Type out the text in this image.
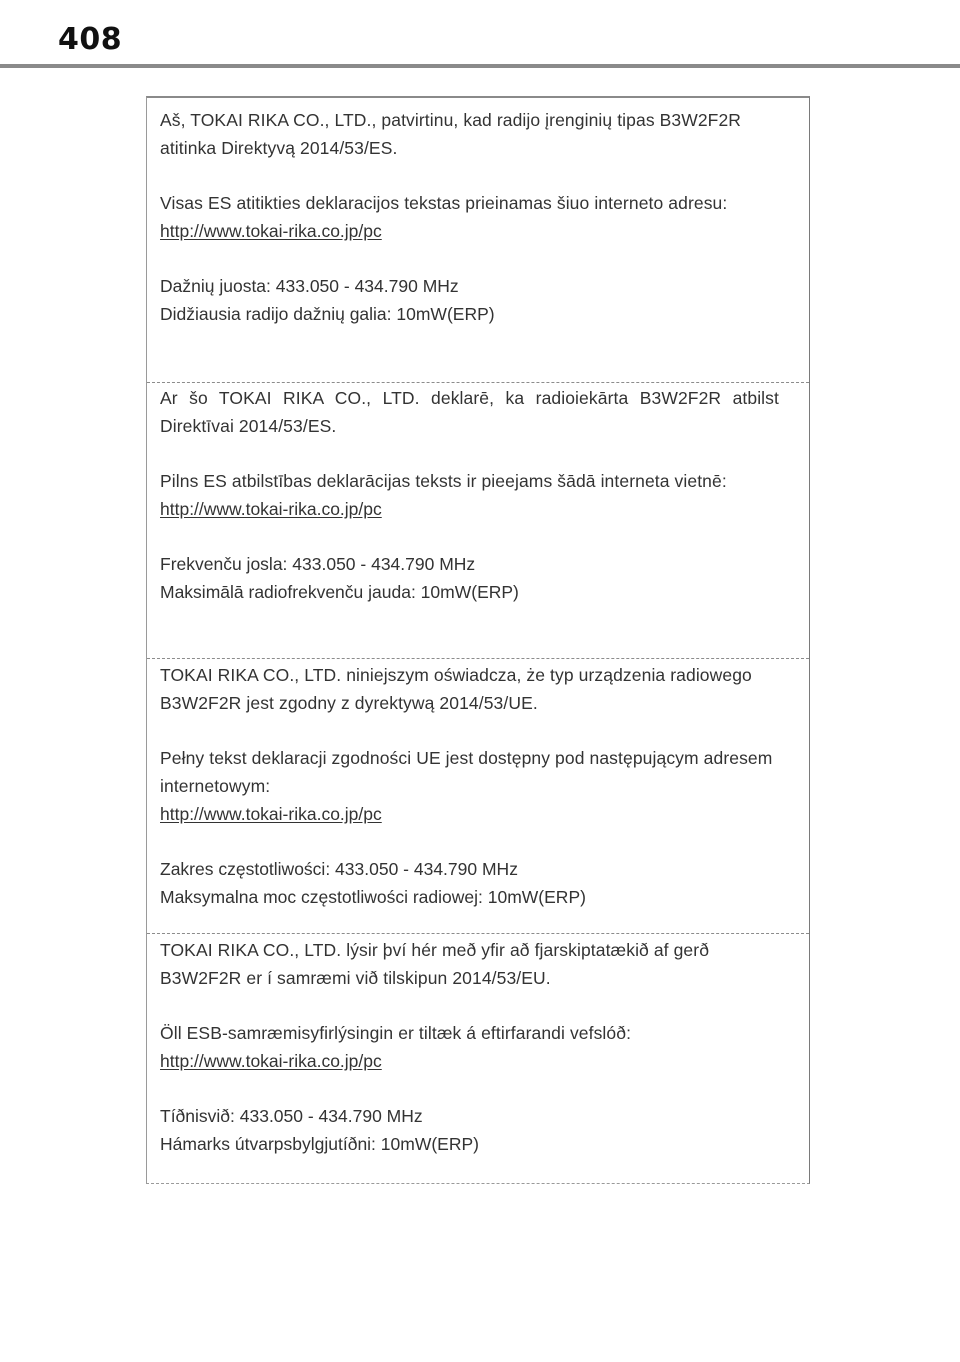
408

Aš, TOKAI RIKA CO., LTD., patvirtinu, kad radijo įrenginių tipas B3W2F2R atitinka Direktyvą 2014/53/ES.

Visas ES atitikties deklaracijos tekstas prieinamas šiuo interneto adresu:

http://www.tokai-rika.co.jp/pc

Dažnių juosta: 433.050 - 434.790 MHz

Didžiausia radijo dažnių galia: 10mW(ERP)

Ar šo TOKAI RIKA CO., LTD. deklarē, ka radioiekārta B3W2F2R atbilst Direktīvai 2014/53/ES.

Pilns ES atbilstības deklarācijas teksts ir pieejams šādā interneta vietnē:

http://www.tokai-rika.co.jp/pc

Frekvenču josla: 433.050 - 434.790 MHz

Maksimālā radiofrekvenču jauda: 10mW(ERP)

TOKAI RIKA CO., LTD. niniejszym oświadcza, że typ urządzenia radiowego B3W2F2R jest zgodny z dyrektywą 2014/53/UE.

Pełny tekst deklaracji zgodności UE jest dostępny pod następującym adresem internetowym:

http://www.tokai-rika.co.jp/pc

Zakres częstotliwości: 433.050 - 434.790 MHz

Maksymalna moc częstotliwości radiowej: 10mW(ERP)

TOKAI RIKA CO., LTD. lýsir því hér með yfir að fjarskiptatækið af gerð B3W2F2R er í samræmi við tilskipun 2014/53/EU.

Öll ESB-samræmisyfirlýsingin er tiltæk á eftirfarandi vefslóð:

http://www.tokai-rika.co.jp/pc

Tíðnisvið: 433.050 - 434.790 MHz

Hámarks útvarpsbylgjutíðni: 10mW(ERP)
